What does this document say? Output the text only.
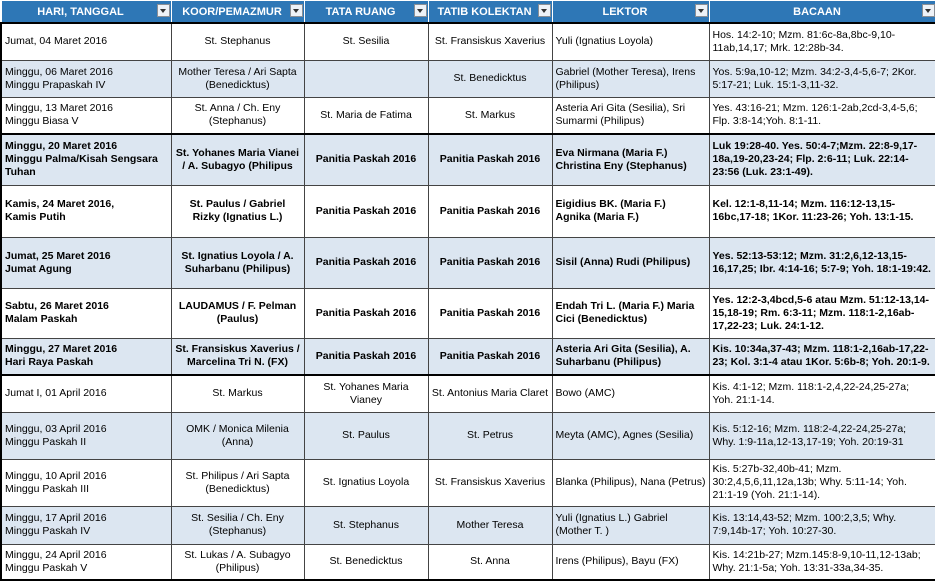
HARI, TANGGAL	KOOR/PEMAZMUR	TATA RUANG	TATIB KOLEKTAN	LEKTOR	BACAAN

Jumat, 04 Maret 2016	St. Stephanus	St. Sesilia	St. Fransiskus Xaverius	Yuli (Ignatius Loyola)	Hos. 14:2-10; Mzm. 81:6c-8a,8bc-9,10-11ab,14,17; Mrk. 12:28b-34.
Minggu, 06 Maret 2016
Minggu Prapaskah IV	Mother Teresa / Ari Sapta (Benedicktus)		St. Benedicktus	Gabriel (Mother Teresa), Irens (Philipus)	Yos. 5:9a,10-12; Mzm. 34:2-3,4-5,6-7; 2Kor. 5:17-21; Luk. 15:1-3,11-32.
Minggu, 13 Maret 2016
Minggu Biasa V	St. Anna / Ch. Eny (Stephanus)	St. Maria de Fatima	St. Markus	Asteria Ari Gita (Sesilia), Sri Sumarmi (Philipus)	Yes. 43:16-21; Mzm. 126:1-2ab,2cd-3,4-5,6; Flp. 3:8-14;Yoh. 8:1-11.
Minggu, 20 Maret 2016
Minggu Palma/Kisah Sengsara Tuhan	St. Yohanes Maria Vianei / A. Subagyo (Philipus	Panitia Paskah 2016	Panitia Paskah 2016	Eva Nirmana (Maria F.)
Christina Eny (Stephanus)	Luk 19:28-40. Yes. 50:4-7;Mzm. 22:8-9,17-18a,19-20,23-24; Flp. 2:6-11; Luk. 22:14-23:56 (Luk. 23:1-49).
Kamis, 24 Maret 2016,
Kamis Putih	St. Paulus / Gabriel Rizky (Ignatius L.)	Panitia Paskah 2016	Panitia Paskah 2016	Eigidius BK. (Maria F.)
Agnika (Maria F.)	Kel. 12:1-8,11-14; Mzm. 116:12-13,15-16bc,17-18; 1Kor. 11:23-26; Yoh. 13:1-15.
Jumat, 25 Maret 2016
Jumat Agung	St. Ignatius Loyola / A. Suharbanu (Philipus)	Panitia Paskah 2016	Panitia Paskah 2016	Sisil (Anna) Rudi (Philipus)	Yes. 52:13-53:12; Mzm. 31:2,6,12-13,15-16,17,25; Ibr. 4:14-16; 5:7-9; Yoh. 18:1-19:42.
Sabtu, 26 Maret 2016
Malam Paskah	LAUDAMUS / F. Pelman (Paulus)	Panitia Paskah 2016	Panitia Paskah 2016	Endah Tri L. (Maria F.) Maria Cici (Benedicktus)	Yes. 12:2-3,4bcd,5-6 atau Mzm. 51:12-13,14-15,18-19; Rm. 6:3-11; Mzm. 118:1-2,16ab-17,22-23; Luk. 24:1-12.
Minggu, 27 Maret 2016
Hari Raya Paskah	St. Fransiskus Xaverius / Marcelina Tri N. (FX)	Panitia Paskah 2016	Panitia Paskah 2016	Asteria Ari Gita (Sesilia), A. Suharbanu (Philipus)	Kis. 10:34a,37-43; Mzm. 118:1-2,16ab-17,22-23; Kol. 3:1-4 atau 1Kor. 5:6b-8; Yoh. 20:1-9.
Jumat I, 01 April 2016	St. Markus	St. Yohanes Maria Vianey	St. Antonius Maria Claret	Bowo (AMC)	Kis. 4:1-12; Mzm. 118:1-2,4,22-24,25-27a; Yoh. 21:1-14.
Minggu, 03 April 2016
Minggu Paskah II	OMK / Monica Milenia (Anna)	St. Paulus	St. Petrus	Meyta (AMC), Agnes (Sesilia)	Kis. 5:12-16; Mzm. 118:2-4,22-24,25-27a; Why. 1:9-11a,12-13,17-19; Yoh. 20:19-31
Minggu, 10 April 2016
Minggu Paskah III	St. Philipus / Ari Sapta (Benedicktus)	St. Ignatius Loyola	St. Fransiskus Xaverius	Blanka (Philipus), Nana (Petrus)	Kis. 5:27b-32,40b-41; Mzm. 30:2,4,5,6,11,12a,13b; Why. 5:11-14; Yoh. 21:1-19 (Yoh. 21:1-14).
Minggu, 17 April 2016
Minggu Paskah IV	St. Sesilia / Ch. Eny (Stephanus)	St. Stephanus	Mother Teresa	Yuli (Ignatius L.) Gabriel (Mother T. )	Kis. 13:14,43-52; Mzm. 100:2,3,5; Why. 7:9,14b-17; Yoh. 10:27-30.
Minggu, 24 April 2016
Minggu Paskah V	St. Lukas / A. Subagyo (Philipus)	St. Benedicktus	St. Anna	Irens (Philipus), Bayu (FX)	Kis. 14:21b-27; Mzm.145:8-9,10-11,12-13ab; Why. 21:1-5a; Yoh. 13:31-33a,34-35.
